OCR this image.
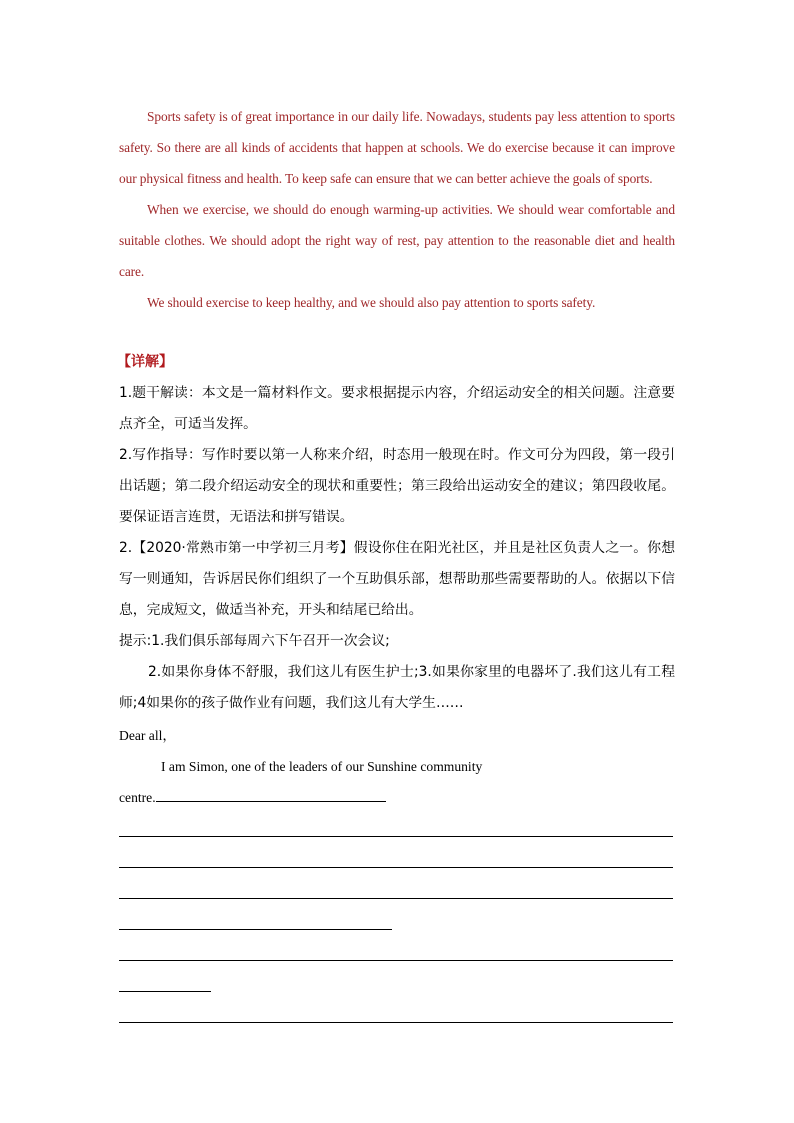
Sports safety is of great importance in our daily life. Nowadays, students pay less attention to sports safety. So there are all kinds of accidents that happen at schools. We do exercise because it can improve our physical fitness and health. To keep safe can ensure that we can better achieve the goals of sports.

When we exercise, we should do enough warming-up activities. We should wear comfortable and suitable clothes. We should adopt the right way of rest, pay attention to the reasonable diet and health care.

We should exercise to keep healthy, and we should also pay attention to sports safety.

【详解】

1.题干解读：本文是一篇材料作文。要求根据提示内容，介绍运动安全的相关问题。注意要点齐全，可适当发挥。

2.写作指导：写作时要以第一人称来介绍，时态用一般现在时。作文可分为四段，第一段引出话题；第二段介绍运动安全的现状和重要性；第三段给出运动安全的建议；第四段收尾。要保证语言连贯，无语法和拼写错误。

2.【2020·常熟市第一中学初三月考】假设你住在阳光社区，并且是社区负责人之一。你想写一则通知，告诉居民你们组织了一个互助俱乐部，想帮助那些需要帮助的人。依据以下信息，完成短文，做适当补充，开头和结尾已给出。

提示:1.我们俱乐部每周六下午召开一次会议;

2.如果你身体不舒服，我们这儿有医生护士;3.如果你家里的电器坏了.我们这儿有工程师;4如果你的孩子做作业有问题，我们这儿有大学生……

Dear all，

I am Simon, one of the leaders of our Sunshine community

centre.
